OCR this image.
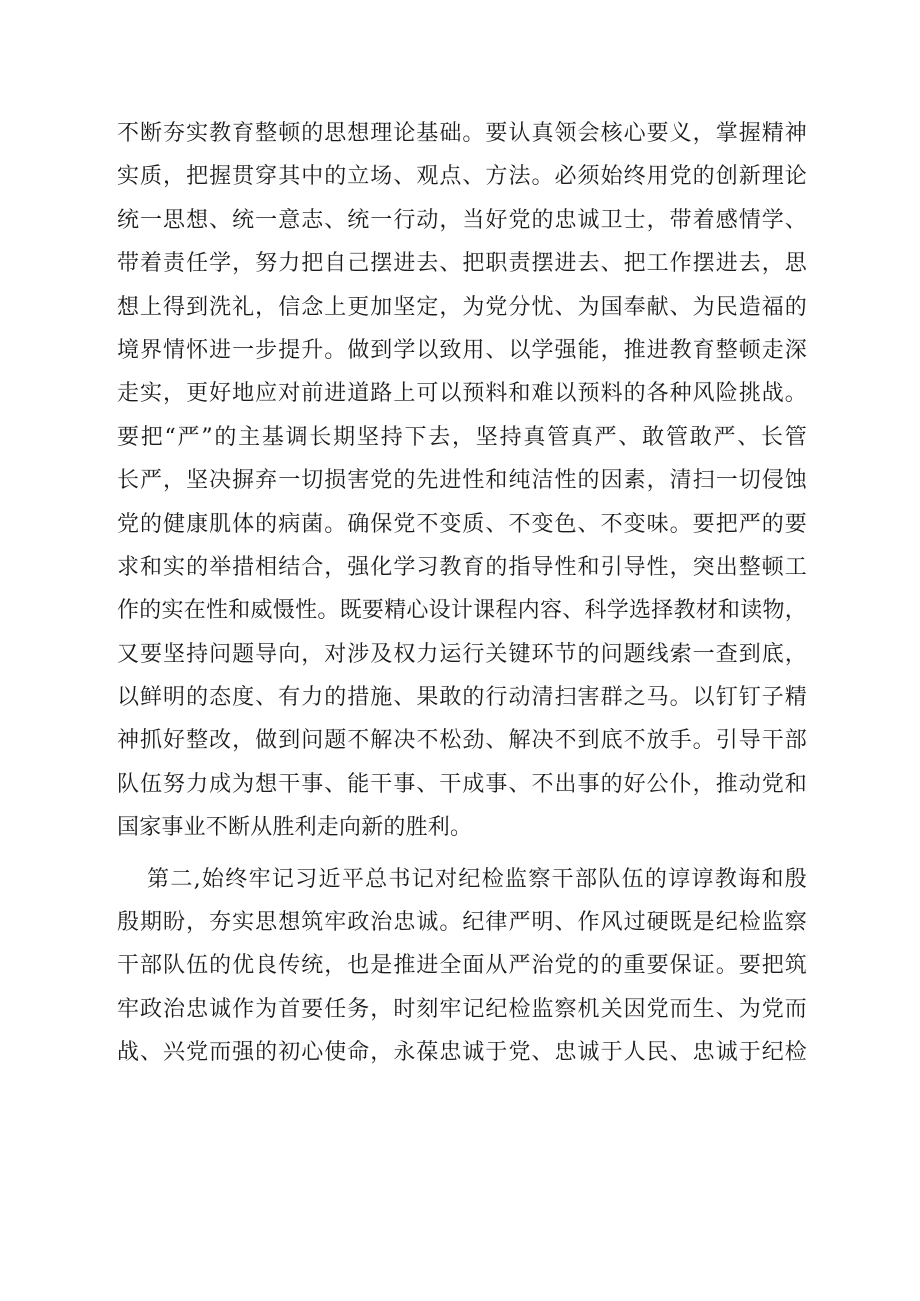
不断夯实教育整顿的思想理论基础。要认真领会核心要义，掌握精神
实质，把握贯穿其中的立场、观点、方法。必须始终用党的创新理论
统一思想、统一意志、统一行动，当好党的忠诚卫士，带着感情学、
带着责任学，努力把自己摆进去、把职责摆进去、把工作摆进去，思
想上得到洗礼，信念上更加坚定，为党分忧、为国奉献、为民造福的
境界情怀进一步提升。做到学以致用、以学强能，推进教育整顿走深
走实，更好地应对前进道路上可以预料和难以预料的各种风险挑战。
要把“严”的主基调长期坚持下去，坚持真管真严、敢管敢严、长管
长严，坚决摒弃一切损害党的先进性和纯洁性的因素，清扫一切侵蚀
党的健康肌体的病菌。确保党不变质、不变色、不变味。要把严的要
求和实的举措相结合，强化学习教育的指导性和引导性，突出整顿工
作的实在性和威慑性。既要精心设计课程内容、科学选择教材和读物，
又要坚持问题导向，对涉及权力运行关键环节的问题线索一查到底，
以鲜明的态度、有力的措施、果敢的行动清扫害群之马。以钉钉子精
神抓好整改，做到问题不解决不松劲、解决不到底不放手。引导干部
队伍努力成为想干事、能干事、干成事、不出事的好公仆，推动党和
国家事业不断从胜利走向新的胜利。
第二,始终牢记习近平总书记对纪检监察干部队伍的谆谆教诲和殷
殷期盼，夯实思想筑牢政治忠诚。纪律严明、作风过硬既是纪检监察
干部队伍的优良传统，也是推进全面从严治党的的重要保证。要把筑
牢政治忠诚作为首要任务，时刻牢记纪检监察机关因党而生、为党而
战、兴党而强的初心使命，永葆忠诚于党、忠诚于人民、忠诚于纪检
